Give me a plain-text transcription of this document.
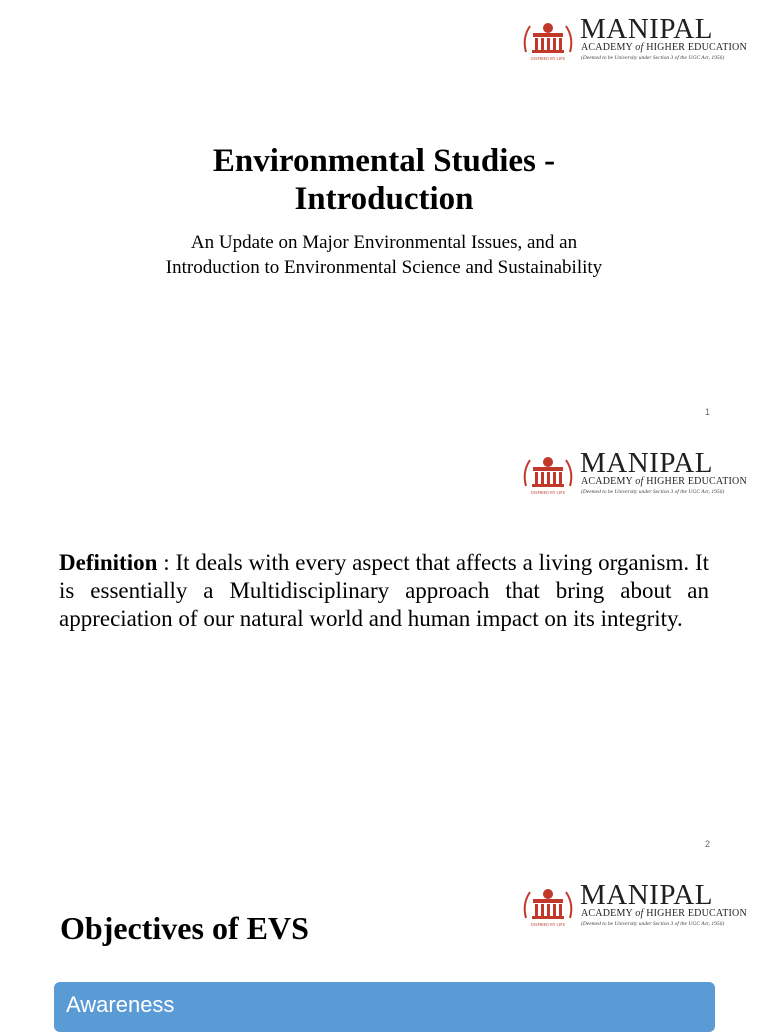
INSPIRED BY LIFE
MANIPAL
ACADEMY of HIGHER EDUCATION
(Deemed to be University under Section 3 of the UGC Act, 1956)
Environmental Studies -
Introduction
An Update on Major Environmental Issues, and an
Introduction to Environmental Science and Sustainability
1
INSPIRED BY LIFE
MANIPAL
ACADEMY of HIGHER EDUCATION
(Deemed to be University under Section 3 of the UGC Act, 1956)
Definition : It deals with every aspect that affects a living organism. It is essentially a Multidisciplinary approach that bring about an appreciation of our natural world and human impact on its integrity.
2
INSPIRED BY LIFE
MANIPAL
ACADEMY of HIGHER EDUCATION
(Deemed to be University under Section 3 of the UGC Act, 1956)
Objectives of EVS
Awareness
